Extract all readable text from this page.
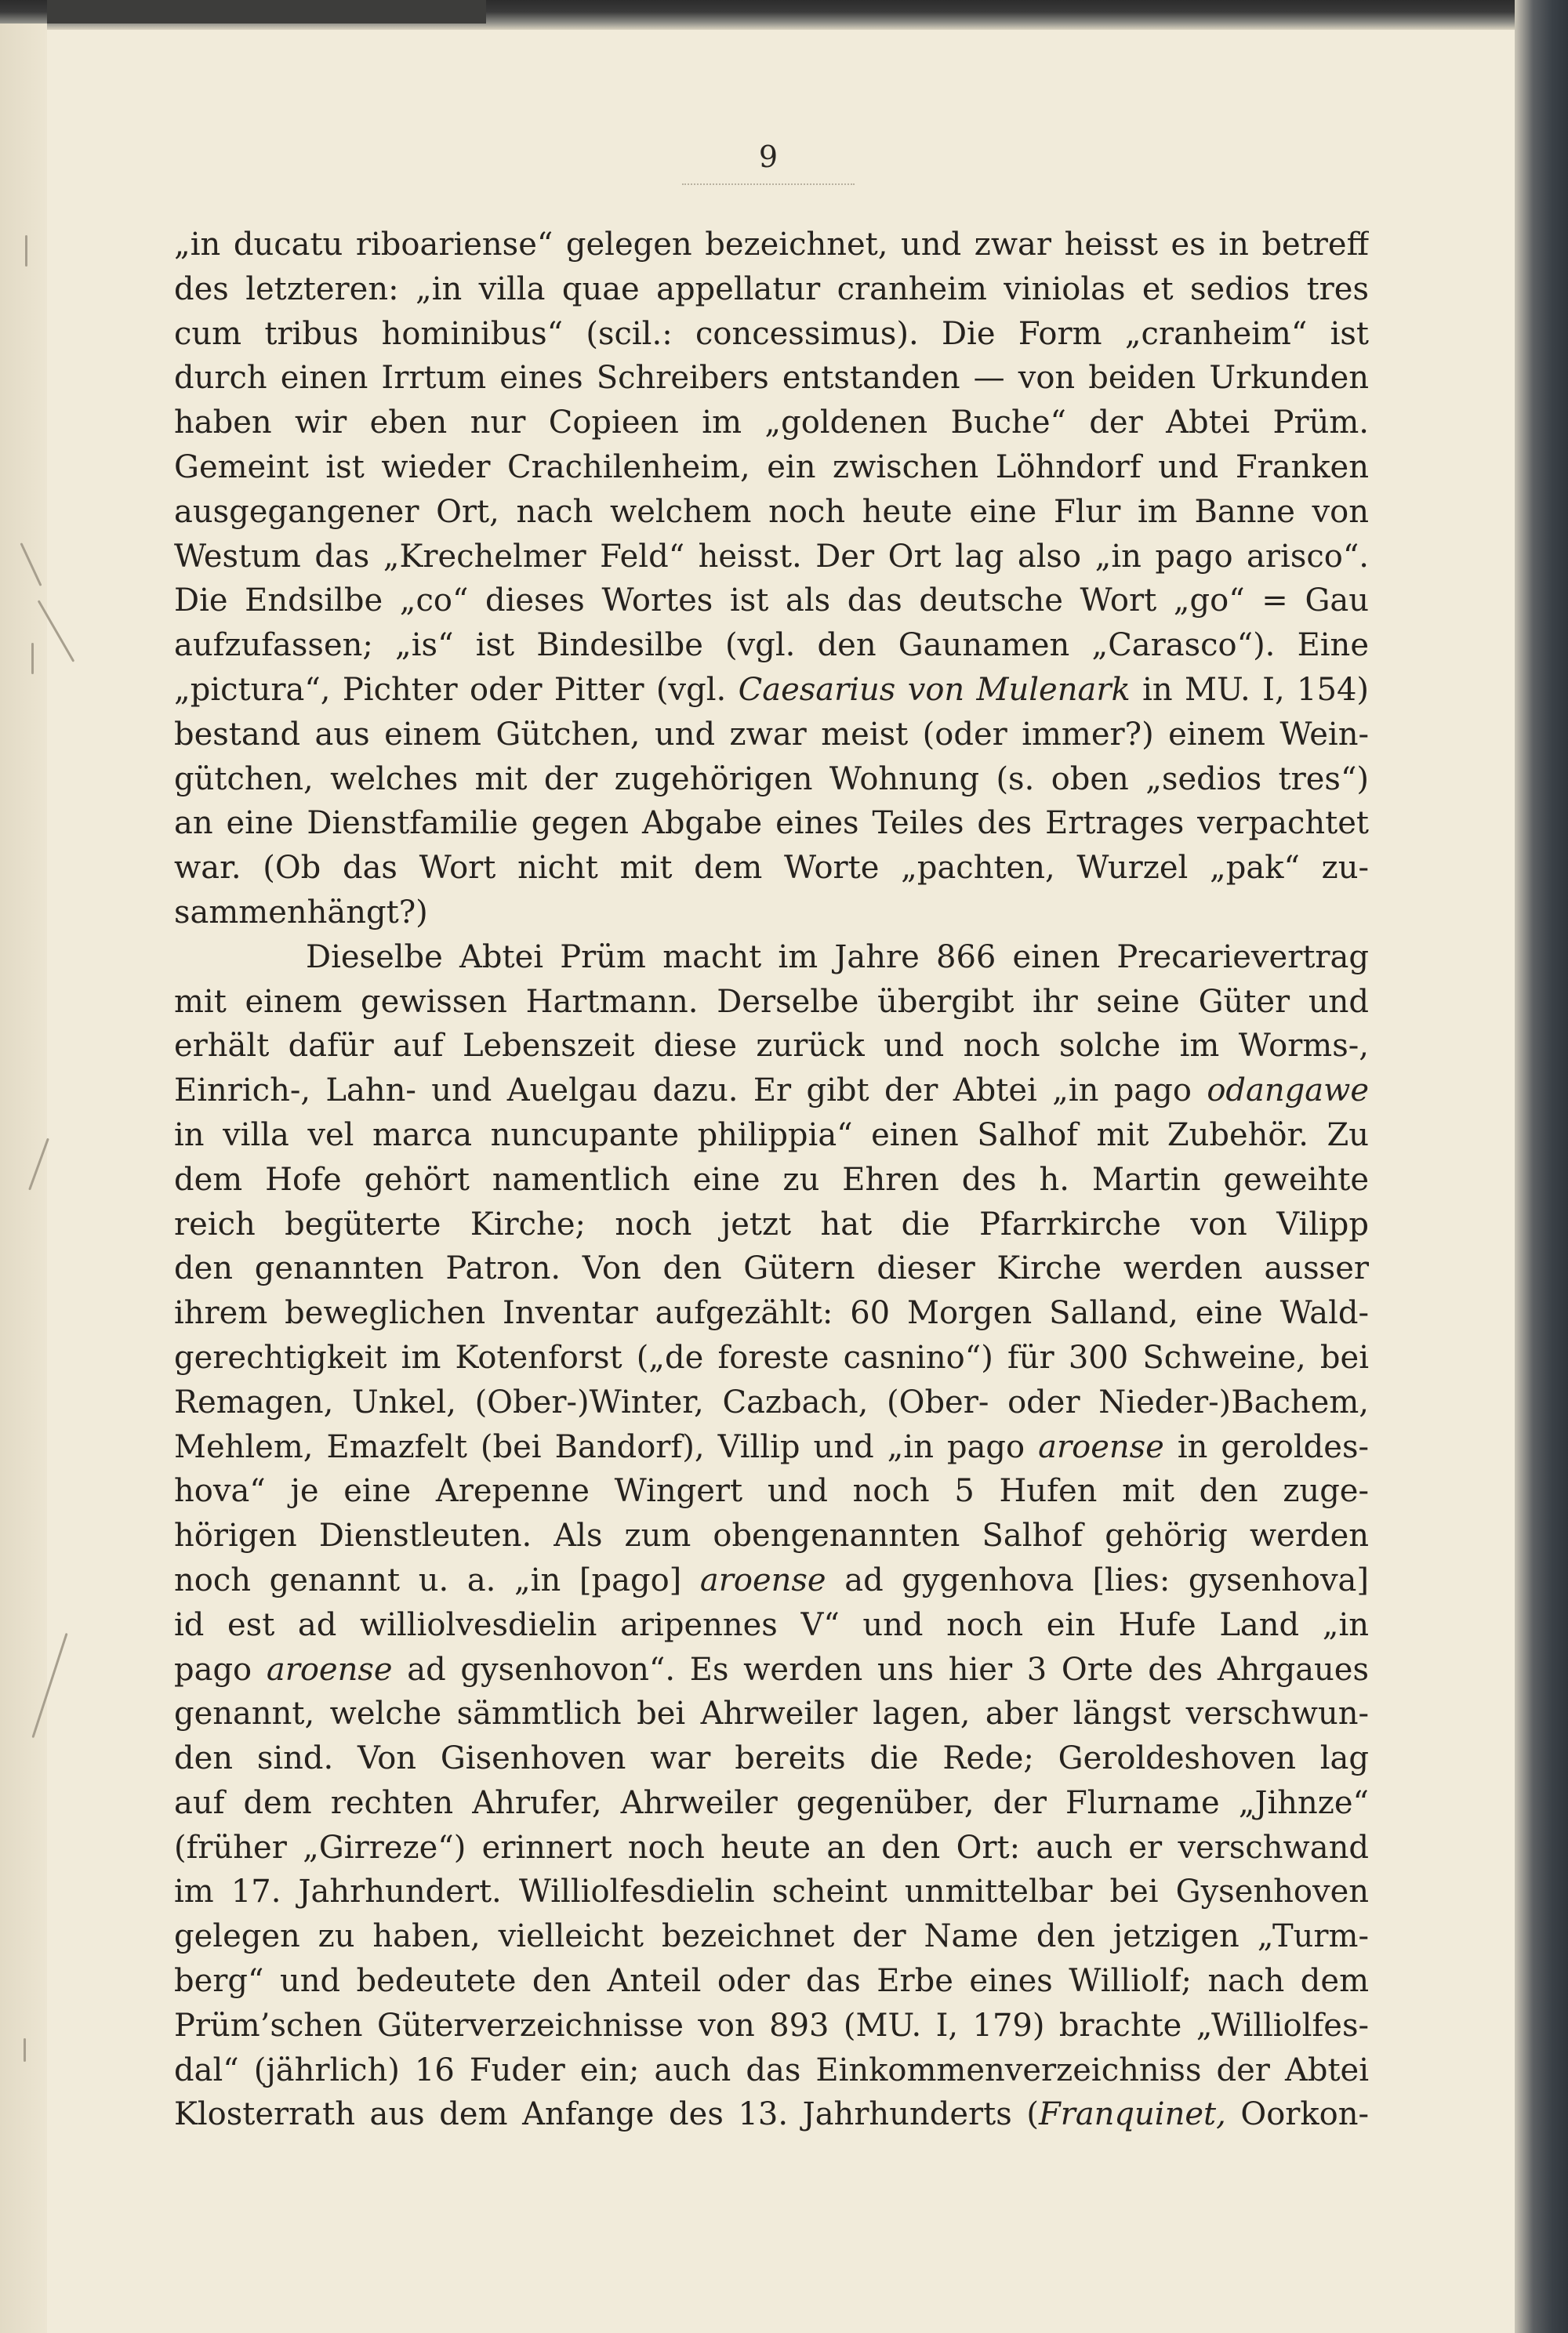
9
„in ducatu riboariense“ gelegen bezeichnet, und zwar heisst es in betreff
des letzteren: „in villa quae appellatur cranheim viniolas et sedios tres
cum tribus hominibus“ (scil.: concessimus). Die Form „cranheim“ ist
durch einen Irrtum eines Schreibers entstanden — von beiden Urkunden
haben wir eben nur Copieen im „goldenen Buche“ der Abtei Prüm.
Gemeint ist wieder Crachilenheim, ein zwischen Löhndorf und Franken
ausgegangener Ort, nach welchem noch heute eine Flur im Banne von
Westum das „Krechelmer Feld“ heisst. Der Ort lag also „in pago arisco“.
Die Endsilbe „co“ dieses Wortes ist als das deutsche Wort „go“ = Gau
aufzufassen; „is“ ist Bindesilbe (vgl. den Gaunamen „Carasco“). Eine
„pictura“, Pichter oder Pitter (vgl. Caesarius von Mulenark in MU. I, 154)
bestand aus einem Gütchen, und zwar meist (oder immer?) einem Wein-
gütchen, welches mit der zugehörigen Wohnung (s. oben „sedios tres“)
an eine Dienstfamilie gegen Abgabe eines Teiles des Ertrages verpachtet
war. (Ob das Wort nicht mit dem Worte „pachten, Wurzel „pak“ zu-
sammenhängt?)
Dieselbe Abtei Prüm macht im Jahre 866 einen Precarievertrag
mit einem gewissen Hartmann. Derselbe übergibt ihr seine Güter und
erhält dafür auf Lebenszeit diese zurück und noch solche im Worms-,
Einrich-, Lahn- und Auelgau dazu. Er gibt der Abtei „in pago odangawe
in villa vel marca nuncupante philippia“ einen Salhof mit Zubehör. Zu
dem Hofe gehört namentlich eine zu Ehren des h. Martin geweihte
reich begüterte Kirche; noch jetzt hat die Pfarrkirche von Vilipp
den genannten Patron. Von den Gütern dieser Kirche werden ausser
ihrem beweglichen Inventar aufgezählt: 60 Morgen Salland, eine Wald-
gerechtigkeit im Kotenforst („de foreste casnino“) für 300 Schweine, bei
Remagen, Unkel, (Ober-)Winter, Cazbach, (Ober- oder Nieder-)Bachem,
Mehlem, Emazfelt (bei Bandorf), Villip und „in pago aroense in geroldes-
hova“ je eine Arepenne Wingert und noch 5 Hufen mit den zuge-
hörigen Dienstleuten. Als zum obengenannten Salhof gehörig werden
noch genannt u. a. „in [pago] aroense ad gygenhova [lies: gysenhova]
id est ad williolvesdielin aripennes V“ und noch ein Hufe Land „in
pago aroense ad gysenhovon“. Es werden uns hier 3 Orte des Ahrgaues
genannt, welche sämmtlich bei Ahrweiler lagen, aber längst verschwun-
den sind. Von Gisenhoven war bereits die Rede; Geroldeshoven lag
auf dem rechten Ahrufer, Ahrweiler gegenüber, der Flurname „Jihnze“
(früher „Girreze“) erinnert noch heute an den Ort: auch er verschwand
im 17. Jahrhundert. Williolfesdielin scheint unmittelbar bei Gysenhoven
gelegen zu haben, vielleicht bezeichnet der Name den jetzigen „Turm-
berg“ und bedeutete den Anteil oder das Erbe eines Williolf; nach dem
Prüm’schen Güterverzeichnisse von 893 (MU. I, 179) brachte „Williolfes-
dal“ (jährlich) 16 Fuder ein; auch das Einkommenverzeichniss der Abtei
Klosterrath aus dem Anfange des 13. Jahrhunderts (Franquinet, Oorkon-
